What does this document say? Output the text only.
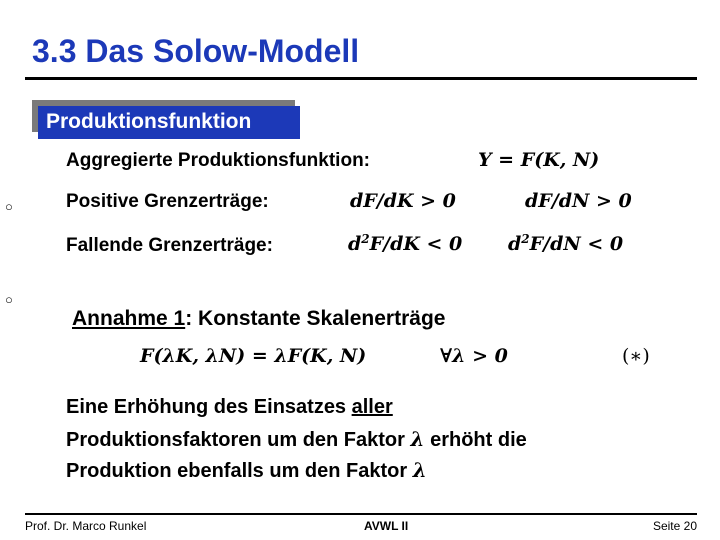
3.3 Das Solow-Modell
Produktionsfunktion
○
○
Aggregierte Produktionsfunktion:	Y = F(K, N)
Positive Grenzerträge:	dF/dK > 0	dF/dN > 0
Fallende Grenzerträge:	$d^2F/dK < 0$ $d^2F/dN < 0$
Annahme 1: Konstante Skalenerträge
F(λK, λN) = λF(K, N)	∀λ > 0	(∗)
Eine Erhöhung des Einsatzes aller
Produktionsfaktoren um den Faktor λ erhöht die
Produktion ebenfalls um den Faktor λ
Prof. Dr. Marco Runkel	AVWL II	Seite 20
